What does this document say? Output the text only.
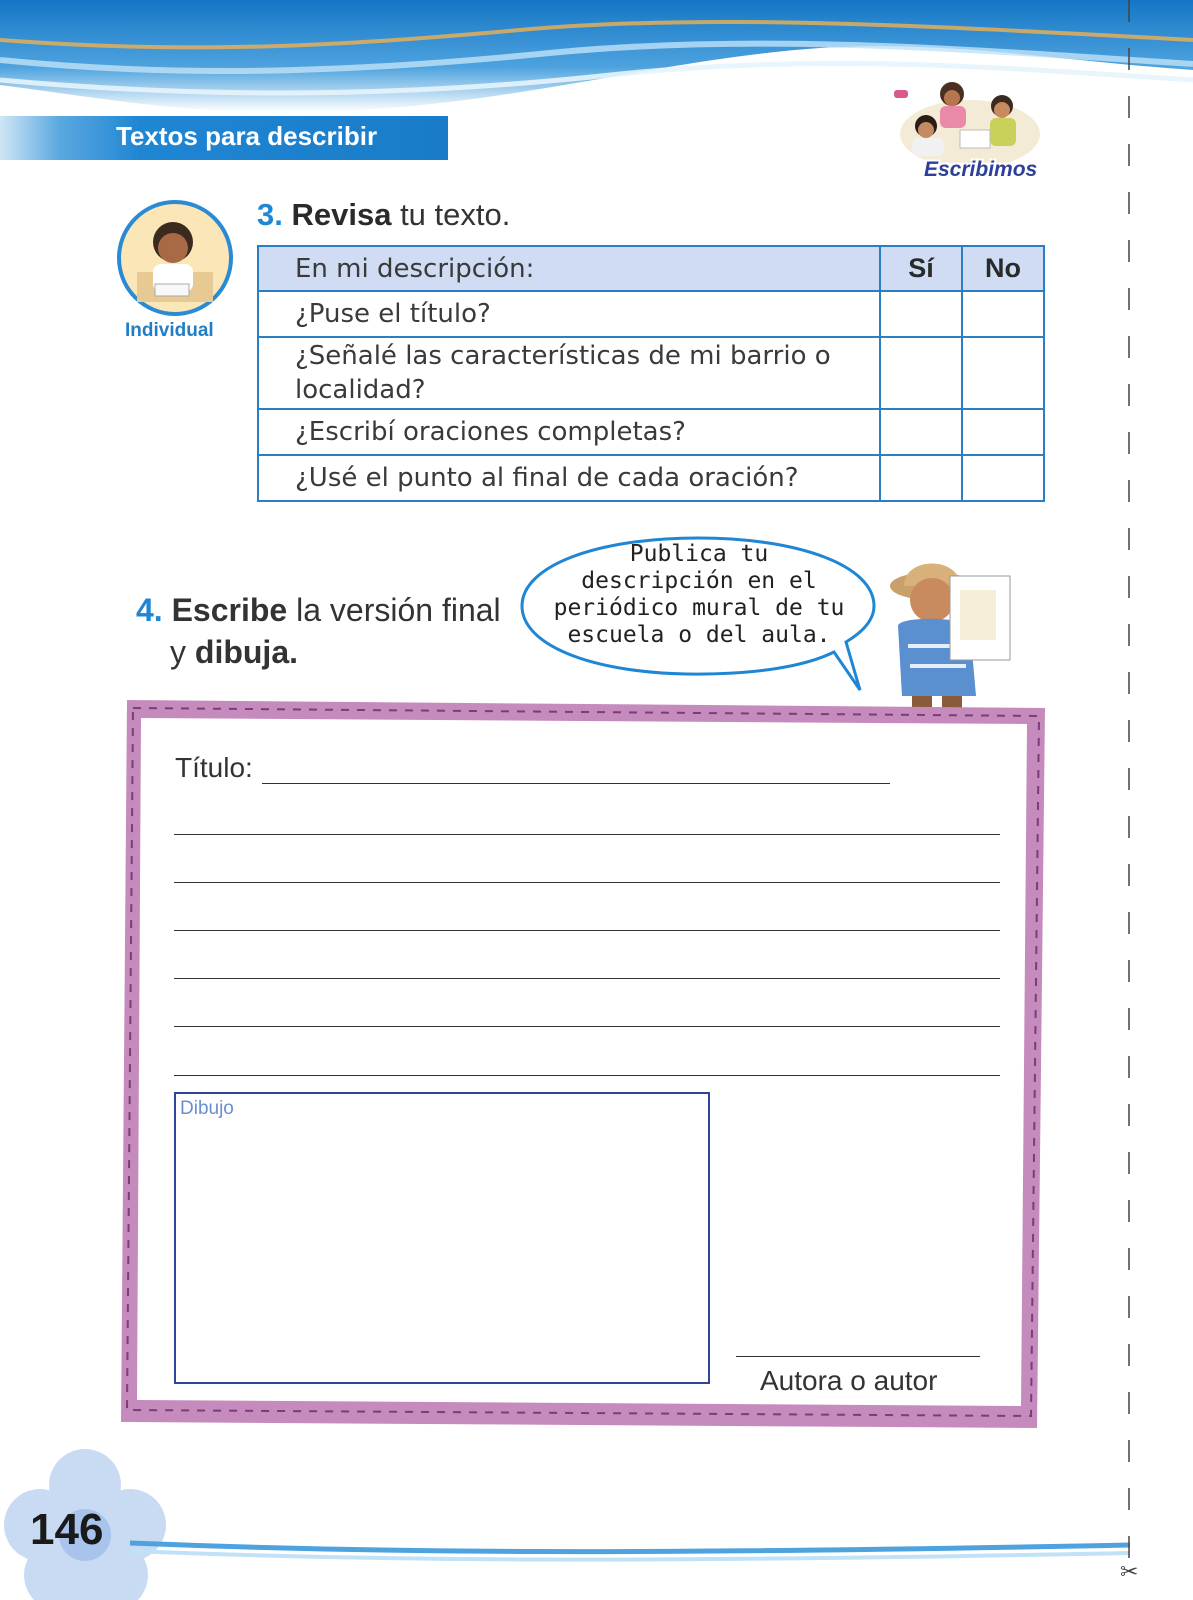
Textos para describir
Escribimos
Individual
3. Revisa tu texto.
En mi descripción:	Sí	No
¿Puse el título?		
¿Señalé las características de mi barrio o localidad?		
¿Escribí oraciones completas?		
¿Usé el punto al final de cada oración?		
4. Escribe la versión final
y dibuja.
Publica tu
descripción en el
periódico mural de tu
escuela o del aula.
Título:
Dibujo
Autora o autor
146
✂
